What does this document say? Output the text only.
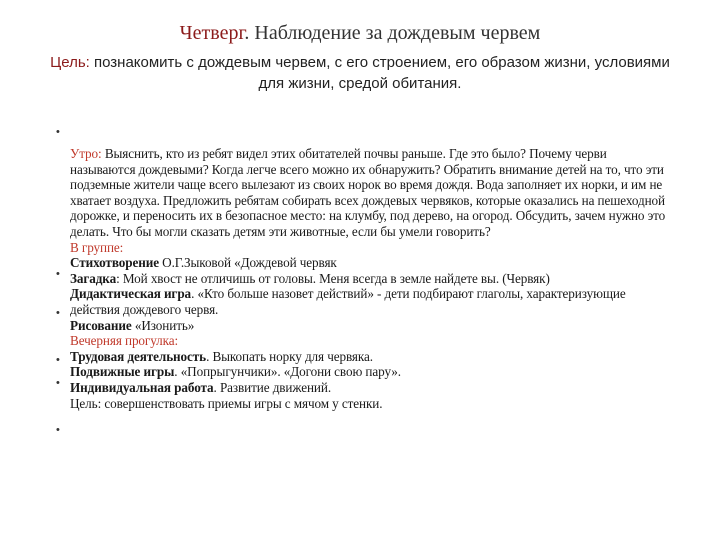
Четверг. Наблюдение за дождевым червем
Цель: познакомить с дождевым червем, с его строением, его образом жизни, условиями для жизни, средой обитания.
•
•
•
•
•
•

Утро: Выяснить, кто из ребят видел этих обитателей почвы раньше. Где это было? Почему черви называются дождевыми? Когда легче всего можно их обнаружить? Обратить внимание детей на то, что эти подземные жители чаще всего вылезают из своих норок во время дождя. Вода заполняет их норки, и им не хватает воздуха. Предложить ребятам собирать всех дождевых червяков, которые оказались на пешеходной дорожке, и переносить их в безопасное место: на клумбу, под дерево, на огород. Обсудить, зачем нужно это делать. Что бы могли сказать детям эти животные, если бы умели говорить?

В группе:

Стихотворение О.Г.Зыковой «Дождевой червяк

Загадка: Мой хвост не отличишь от головы. Меня всегда в земле найдете вы. (Червяк)

Дидактическая игра. «Кто больше назовет действий» - дети подбирают глаголы, характеризующие действия дождевого червя.

Рисование «Изонить»

Вечерняя прогулка:

Трудовая деятельность. Выкопать норку для червяка.

Подвижные игры. «Попрыгунчики». «Догони свою пару».

Индивидуальная работа. Развитие движений.

Цель: совершенствовать приемы игры с мячом у стенки.
